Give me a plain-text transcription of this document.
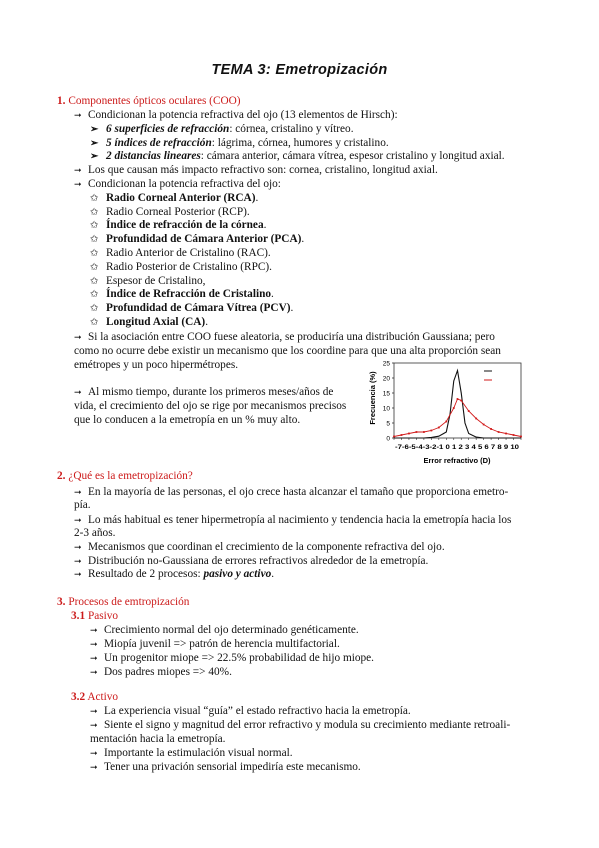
TEMA 3: Emetropización
1. Componentes ópticos oculares (COO)
➞ Condicionan la potencia refractiva del ojo (13 elementos de Hirsch):
➢ 6 superficies de refracción: córnea, cristalino y vítreo.
➢ 5 índices de refracción: lágrima, córnea, humores y cristalino.
➢ 2 distancias lineares: cámara anterior, cámara vítrea, espesor cristalino y longitud axial.
➞ Los que causan más impacto refractivo son: cornea, cristalino, longitud axial.
➞ Condicionan la potencia refractiva del ojo:
✩ Radio Corneal Anterior (RCA).
✩ Radio Corneal Posterior (RCP).
✩ Índice de refracción de la córnea.
✩ Profundidad de Cámara Anterior (PCA).
✩ Radio Anterior de Cristalino (RAC).
✩ Radio Posterior de Cristalino (RPC).
✩ Espesor de Cristalino,
✩ Índice de Refracción de Cristalino.
✩ Profundidad de Cámara Vítrea (PCV).
✩ Longitud Axial (CA).
➞ Si la asociación entre COO fuese aleatoria, se produciría una distribución Gaussiana; pero
como no ocurre debe existir un mecanismo que los coordine para que una alta proporción sean
emétropes y un poco hipermétropes.
➞ Al mismo tiempo, durante los primeros meses/años de
vida, el crecimiento del ojo se rige por mecanismos precisos
que lo conducen a la emetropía en un % muy alto.
0
5
10
15
20
25
Frecuencia (%)
-7-6-5-4-3-2-1 0 1 2 3 4 5 6 7 8 9 10
Error refractivo (D)
2. ¿Qué es la emetropización?
➞ En la mayoría de las personas, el ojo crece hasta alcanzar el tamaño que proporciona emetro-
pía.
➞ Lo más habitual es tener hipermetropía al nacimiento y tendencia hacia la emetropía hacia los
2-3 años.
➞ Mecanismos que coordinan el crecimiento de la componente refractiva del ojo.
➞ Distribución no-Gaussiana de errores refractivos alrededor de la emetropía.
➞ Resultado de 2 procesos: pasivo y activo.
3. Procesos de emtropización
3.1 Pasivo
➞ Crecimiento normal del ojo determinado genéticamente.
➞ Miopía juvenil => patrón de herencia multifactorial.
➞ Un progenitor miope => 22.5% probabilidad de hijo miope.
➞ Dos padres miopes => 40%.
3.2 Activo
➞ La experiencia visual “guía” el estado refractivo hacia la emetropía.
➞ Siente el signo y magnitud del error refractivo y modula su crecimiento mediante retroali-
mentación hacia la emetropía.
➞ Importante la estimulación visual normal.
➞ Tener una privación sensorial impediría este mecanismo.
